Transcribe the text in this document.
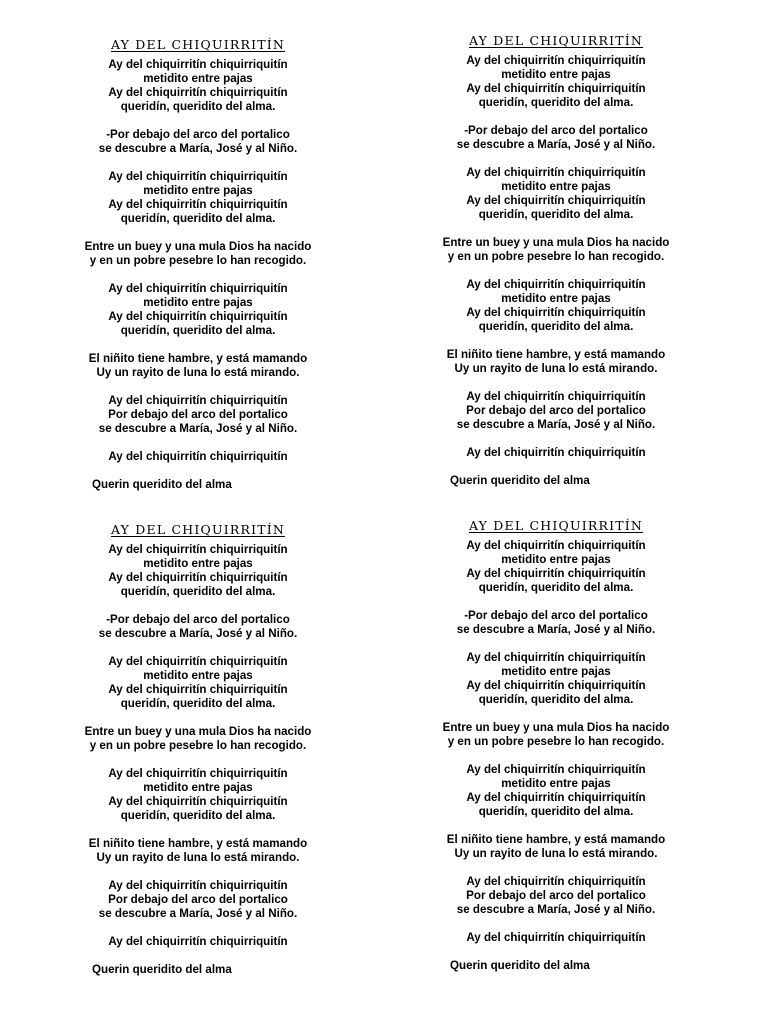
AY DEL CHIQUIRRITÍN
Ay del chiquirritín chiquirriquitín
metidito entre pajas
Ay del chiquirritín chiquirriquitín
queridín, queridito del alma.
-Por debajo del arco del portalico
se descubre a María, José y al Niño.
Ay del chiquirritín chiquirriquitín
metidito entre pajas
Ay del chiquirritín chiquirriquitín
queridín, queridito del alma.
Entre un buey y una mula Dios ha nacido
y en un pobre pesebre lo han recogido.
Ay del chiquirritín chiquirriquitín
metidito entre pajas
Ay del chiquirritín chiquirriquitín
queridín, queridito del alma.
El niñito tiene hambre, y está mamando
Uy un rayito de luna lo está mirando.
Ay del chiquirritín chiquirriquitín
Por debajo del arco del portalico
se descubre a María, José y al Niño.
Ay del chiquirritín chiquirriquitín
Querin queridito del alma
AY DEL CHIQUIRRITÍN
Ay del chiquirritín chiquirriquitín
metidito entre pajas
Ay del chiquirritín chiquirriquitín
queridín, queridito del alma.
-Por debajo del arco del portalico
se descubre a María, José y al Niño.
Ay del chiquirritín chiquirriquitín
metidito entre pajas
Ay del chiquirritín chiquirriquitín
queridín, queridito del alma.
Entre un buey y una mula Dios ha nacido
y en un pobre pesebre lo han recogido.
Ay del chiquirritín chiquirriquitín
metidito entre pajas
Ay del chiquirritín chiquirriquitín
queridín, queridito del alma.
El niñito tiene hambre, y está mamando
Uy un rayito de luna lo está mirando.
Ay del chiquirritín chiquirriquitín
Por debajo del arco del portalico
se descubre a María, José y al Niño.
Ay del chiquirritín chiquirriquitín
Querin queridito del alma
AY DEL CHIQUIRRITÍN
Ay del chiquirritín chiquirriquitín
metidito entre pajas
Ay del chiquirritín chiquirriquitín
queridín, queridito del alma.
-Por debajo del arco del portalico
se descubre a María, José y al Niño.
Ay del chiquirritín chiquirriquitín
metidito entre pajas
Ay del chiquirritín chiquirriquitín
queridín, queridito del alma.
Entre un buey y una mula Dios ha nacido
y en un pobre pesebre lo han recogido.
Ay del chiquirritín chiquirriquitín
metidito entre pajas
Ay del chiquirritín chiquirriquitín
queridín, queridito del alma.
El niñito tiene hambre, y está mamando
Uy un rayito de luna lo está mirando.
Ay del chiquirritín chiquirriquitín
Por debajo del arco del portalico
se descubre a María, José y al Niño.
Ay del chiquirritín chiquirriquitín
Querin queridito del alma
AY DEL CHIQUIRRITÍN
Ay del chiquirritín chiquirriquitín
metidito entre pajas
Ay del chiquirritín chiquirriquitín
queridín, queridito del alma.
-Por debajo del arco del portalico
se descubre a María, José y al Niño.
Ay del chiquirritín chiquirriquitín
metidito entre pajas
Ay del chiquirritín chiquirriquitín
queridín, queridito del alma.
Entre un buey y una mula Dios ha nacido
y en un pobre pesebre lo han recogido.
Ay del chiquirritín chiquirriquitín
metidito entre pajas
Ay del chiquirritín chiquirriquitín
queridín, queridito del alma.
El niñito tiene hambre, y está mamando
Uy un rayito de luna lo está mirando.
Ay del chiquirritín chiquirriquitín
Por debajo del arco del portalico
se descubre a María, José y al Niño.
Ay del chiquirritín chiquirriquitín
Querin queridito del alma
